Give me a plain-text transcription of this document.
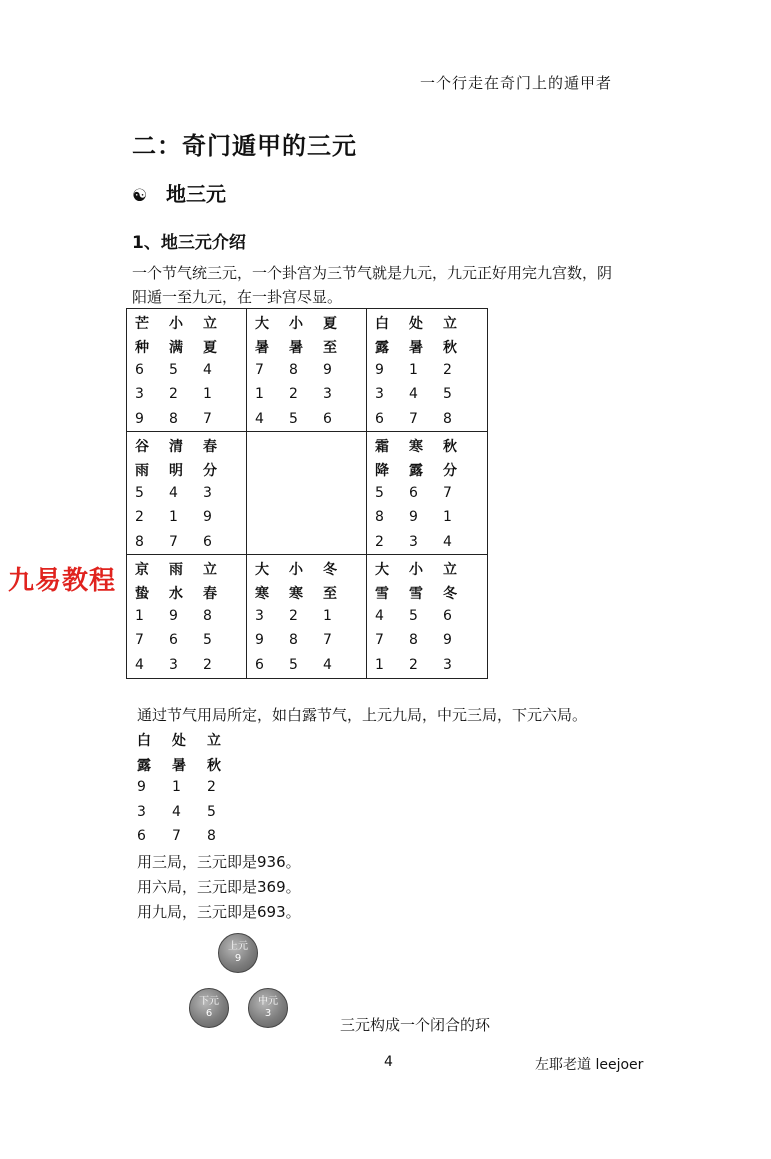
一个行走在奇门上的遁甲者
二：奇门遁甲的三元
☯ 地三元
1、地三元介绍
一个节气统三元，一个卦宫为三节气就是九元，九元正好用完九宫数，阴
阳遁一至九元，在一卦宫尽显。
芒	小	立
种	满	夏
6	5	4
3	2	1
9	8	7
大	小	夏
暑	暑	至
7	8	9
1	2	3
4	5	6
白	处	立
露	暑	秋
9	1	2
3	4	5
6	7	8
谷	清	春
雨	明	分
5	4	3
2	1	9
8	7	6
霜	寒	秋
降	露	分
5	6	7
8	9	1
2	3	4
京	雨	立
蛰	水	春
1	9	8
7	6	5
4	3	2
大	小	冬
寒	寒	至
3	2	1
9	8	7
6	5	4
大	小	立
雪	雪	冬
4	5	6
7	8	9
1	2	3
九易教程
通过节气用局所定，如白露节气，上元九局，中元三局，下元六局。
白	处	立
露	暑	秋
9	1	2
3	4	5
6	7	8
用三局，三元即是936。
用六局，三元即是369。
用九局，三元即是693。
上元
9
下元
6
中元
3
三元构成一个闭合的环
4	左耶老道 leejoer
